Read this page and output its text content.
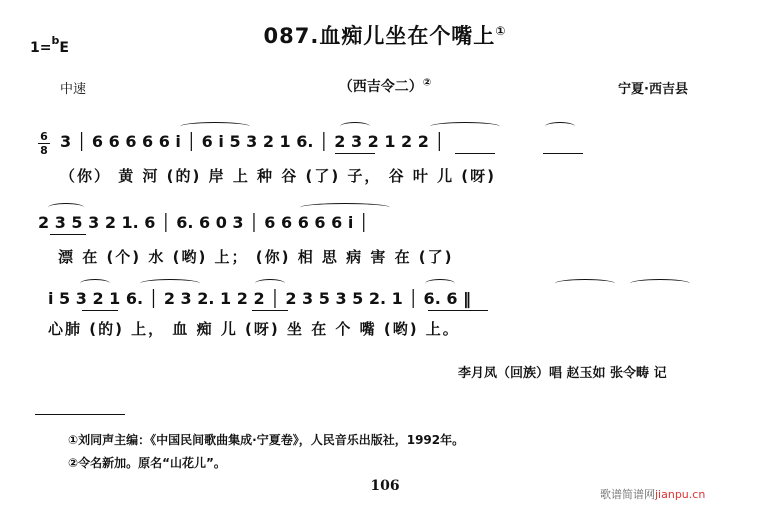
087.血痴儿坐在个嘴上①
1=$^b$E
中速	（西吉令二）②	宁夏·西吉县
6
8 3 │ 6 6 6 6 6 i │ 6 i 5 3 2 1 6. │ 2 3 2 1 2 2 │
（你） 黄 河 (的) 岸 上 种 谷 (了) 子， 谷 叶 儿 (呀)
2 3 5 3 2 1. 6 │ 6. 6 0 3 │ 6 6 6 6 6 i │
漂 在 (个) 水 (哟) 上； (你) 相 思 病 害 在 (了)
i 5 3 2 1 6. │ 2 3 2. 1 2 2 │ 2 3 5 3 5 2. 1 │ 6. 6 ‖
心肺 (的) 上， 血 痴 儿 (呀) 坐 在 个 嘴 (哟) 上。
李月凤（回族）唱 赵玉如 张令畴 记
①刘同声主编：《中国民间歌曲集成·宁夏卷》，人民音乐出版社，1992年。
②令名新加。原名“山花儿”。
106
歌谱简谱网jianpu.cn
